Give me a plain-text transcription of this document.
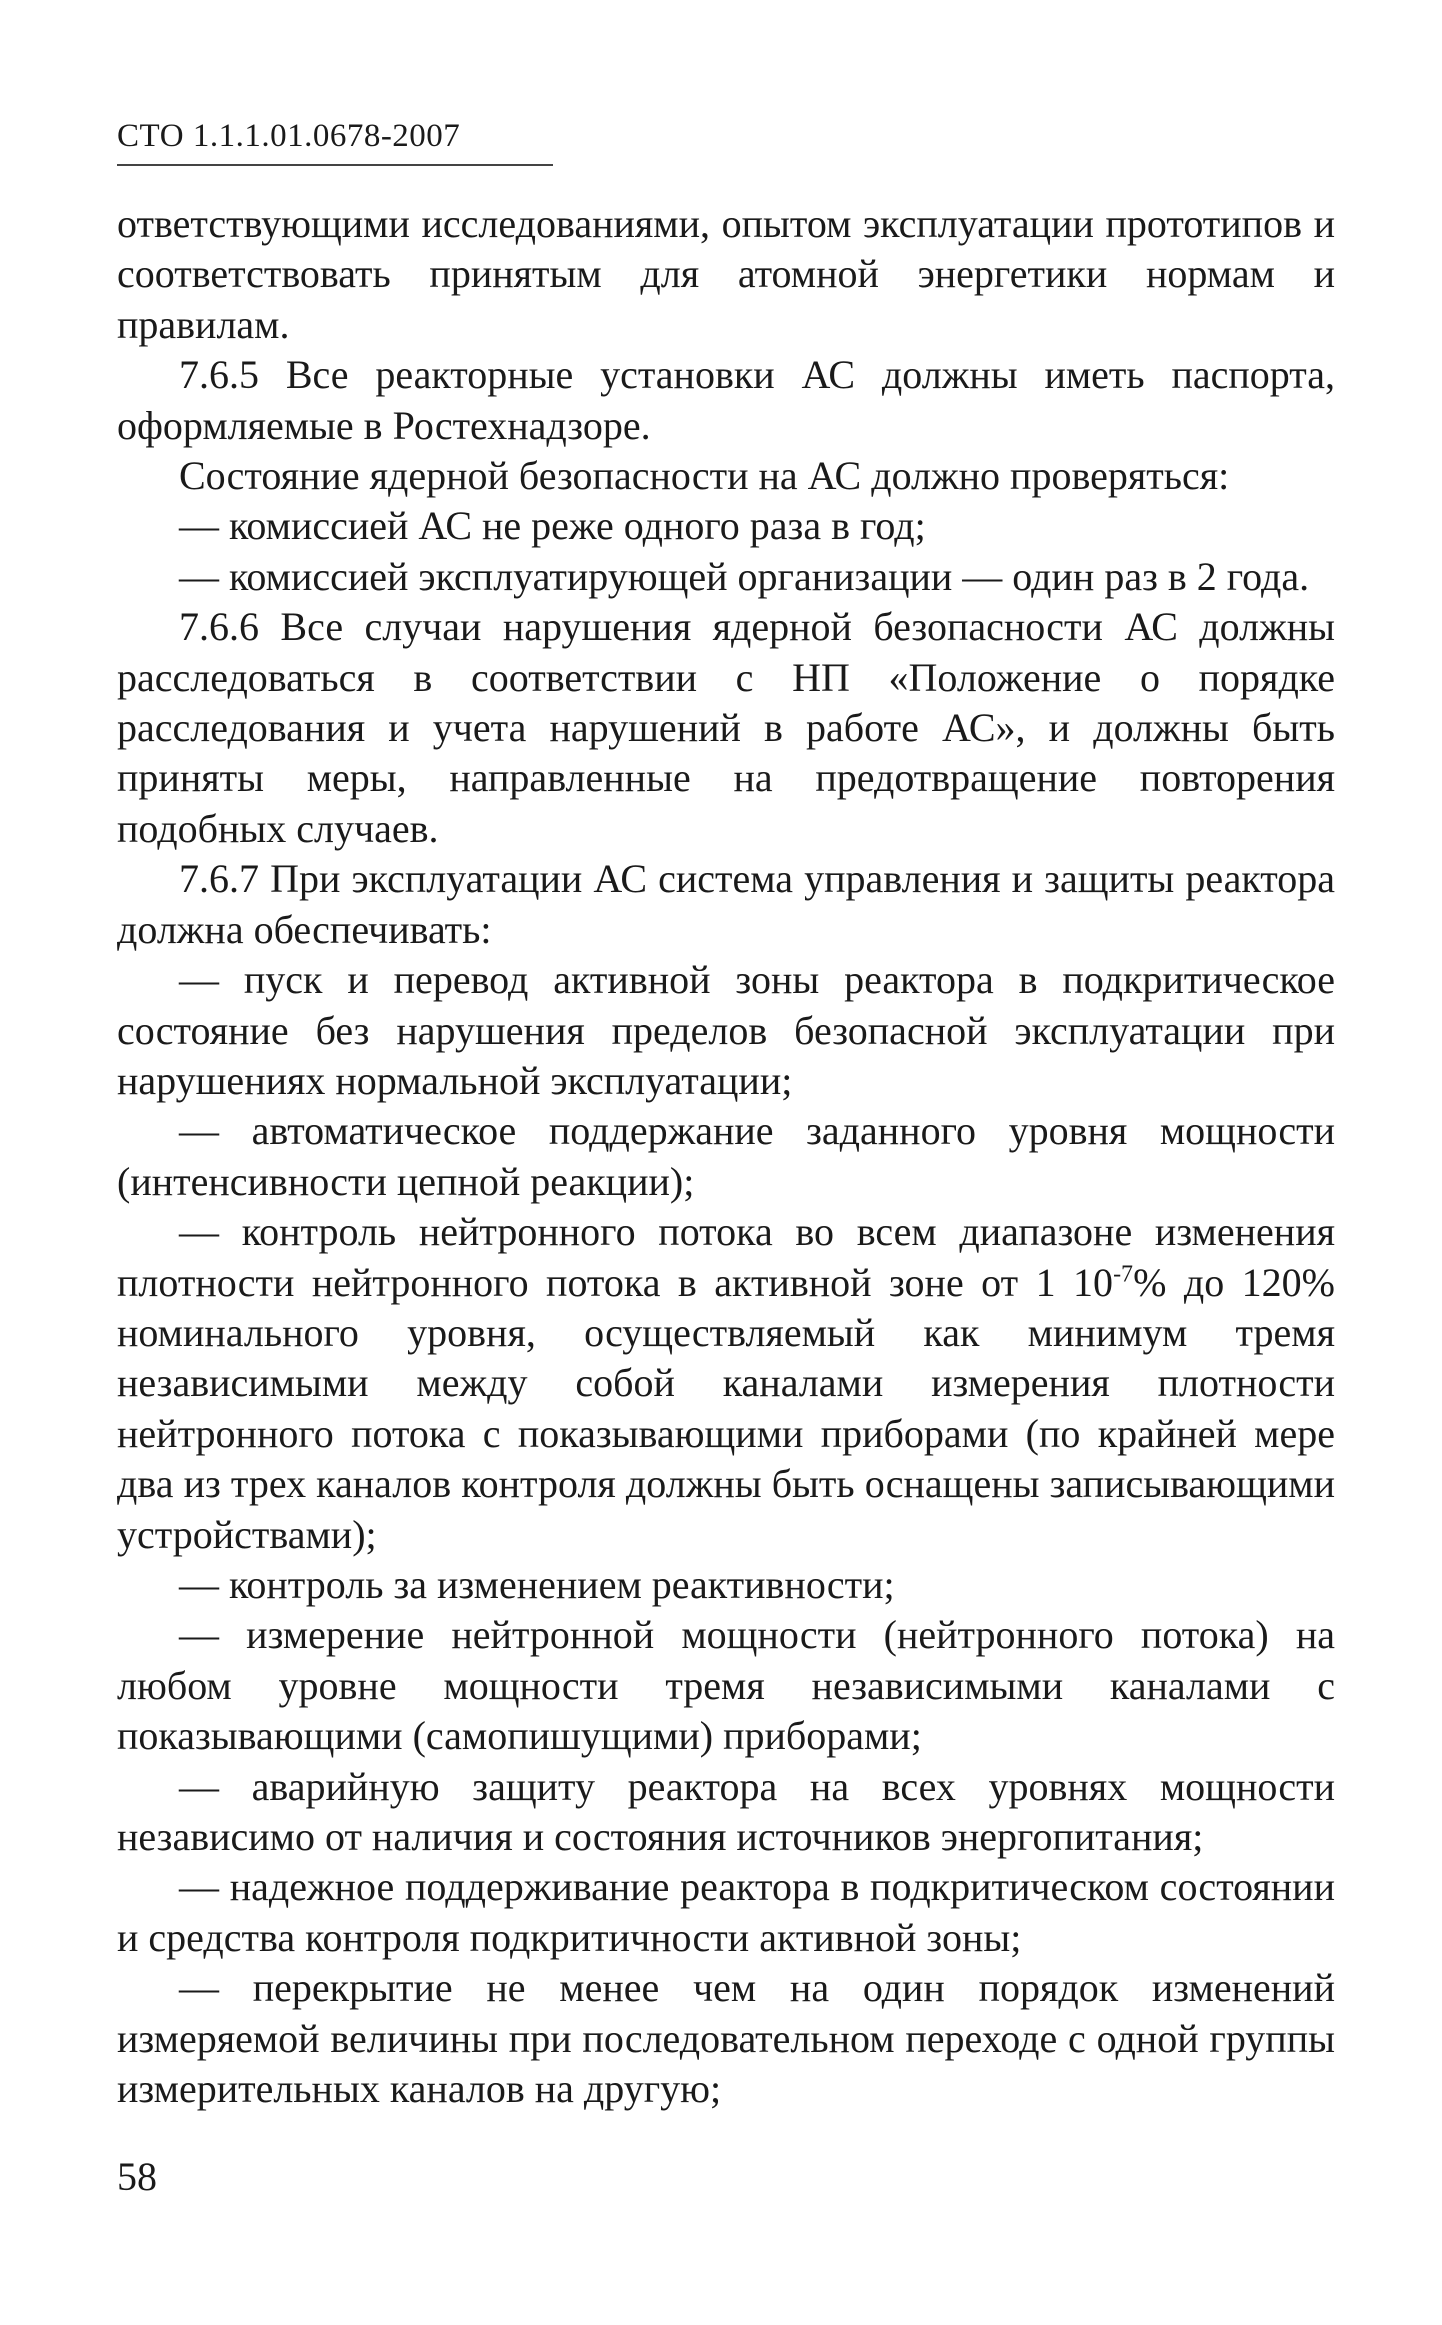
СТО 1.1.1.01.0678-2007

ответствующими исследованиями, опытом эксплуатации прототипов и соответствовать принятым для атомной энергетики нормам и правилам.

7.6.5 Все реакторные установки АС должны иметь паспорта, оформляемые в Ростехнадзоре.

Состояние ядерной безопасности на АС должно проверяться:

— комиссией АС не реже одного раза в год;

— комиссией эксплуатирующей организации — один раз в 2 года.

7.6.6 Все случаи нарушения ядерной безопасности АС должны расследоваться в соответствии с НП «Положение о порядке расследования и учета нарушений в работе АС», и должны быть приняты меры, направленные на предотвращение повторения подобных случаев.

7.6.7 При эксплуатации АС система управления и защиты реактора должна обеспечивать:

— пуск и перевод активной зоны реактора в подкритическое состояние без нарушения пределов безопасной эксплуатации при нарушениях нормальной эксплуатации;

— автоматическое поддержание заданного уровня мощности (интенсивности цепной реакции);

— контроль нейтронного потока во всем диапазоне изменения плотности нейтронного потока в активной зоне от 1 $10^{-7}\%$ до 120% номинального уровня, осуществляемый как минимум тремя независимыми между собой каналами измерения плотности нейтронного потока с показывающими приборами (по крайней мере два из трех каналов контроля должны быть оснащены записывающими устройствами);

— контроль за изменением реактивности;

— измерение нейтронной мощности (нейтронного потока) на любом уровне мощности тремя независимыми каналами с показывающими (самопишущими) приборами;

— аварийную защиту реактора на всех уровнях мощности независимо от наличия и состояния источников энергопитания;

— надежное поддерживание реактора в подкритическом состоянии и средства контроля подкритичности активной зоны;

— перекрытие не менее чем на один порядок изменений измеряемой величины при последовательном переходе с одной группы измерительных каналов на другую;

58
